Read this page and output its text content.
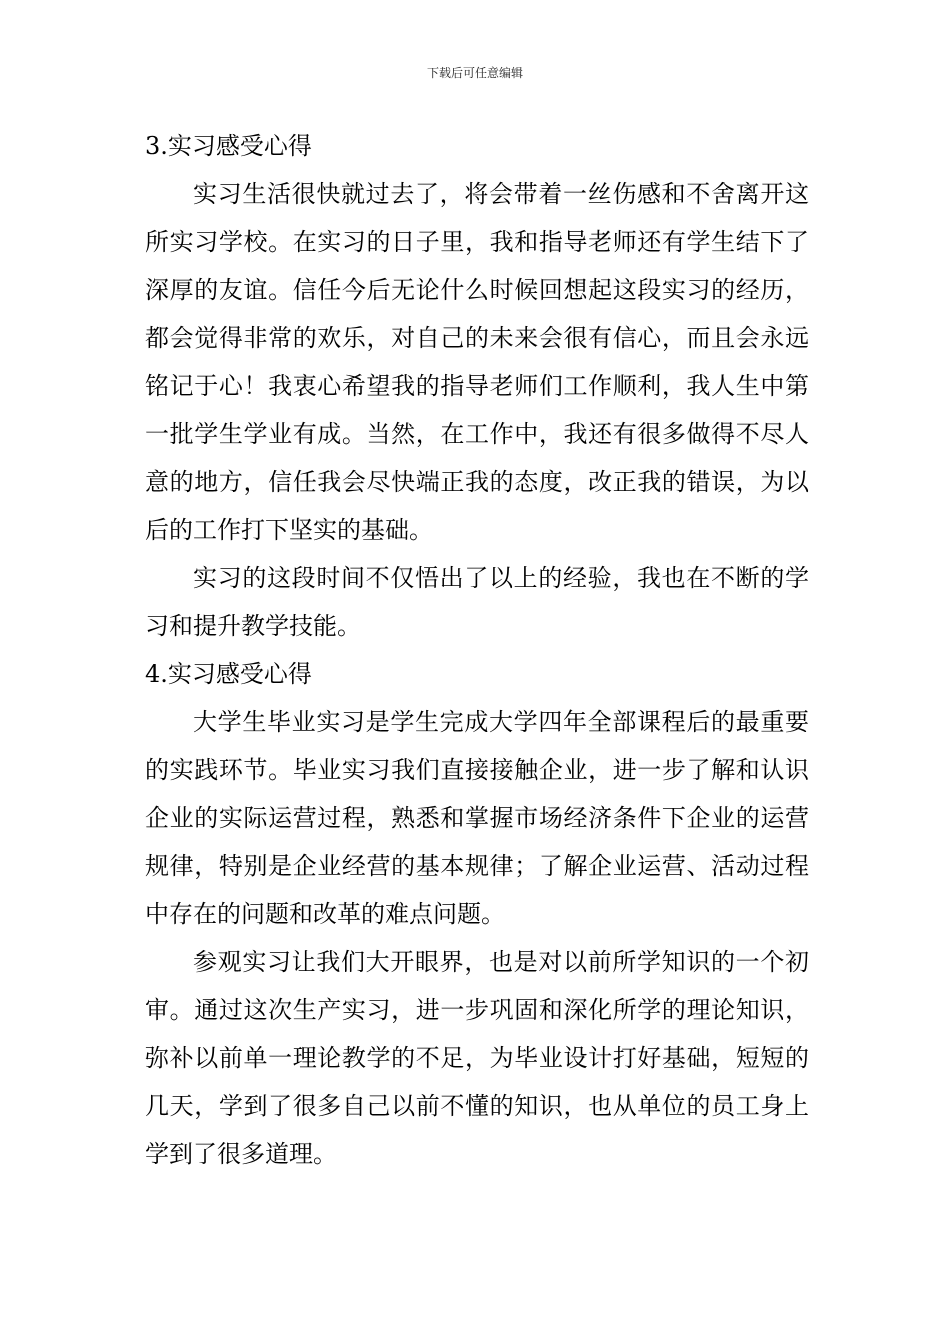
下载后可任意编辑
3.实习感受心得

实习生活很快就过去了，将会带着一丝伤感和不舍离开这所实习学校。在实习的日子里，我和指导老师还有学生结下了深厚的友谊。信任今后无论什么时候回想起这段实习的经历，都会觉得非常的欢乐，对自己的未来会很有信心，而且会永远铭记于心！我衷心希望我的指导老师们工作顺利，我人生中第一批学生学业有成。当然，在工作中，我还有很多做得不尽人意的地方，信任我会尽快端正我的态度，改正我的错误，为以后的工作打下坚实的基础。

实习的这段时间不仅悟出了以上的经验，我也在不断的学习和提升教学技能。

4.实习感受心得

大学生毕业实习是学生完成大学四年全部课程后的最重要的实践环节。毕业实习我们直接接触企业，进一步了解和认识企业的实际运营过程，熟悉和掌握市场经济条件下企业的运营规律，特别是企业经营的基本规律；了解企业运营、活动过程中存在的问题和改革的难点问题。

参观实习让我们大开眼界，也是对以前所学知识的一个初审。通过这次生产实习，进一步巩固和深化所学的理论知识，弥补以前单一理论教学的不足，为毕业设计打好基础，短短的几天，学到了很多自己以前不懂的知识，也从单位的员工身上学到了很多道理。
